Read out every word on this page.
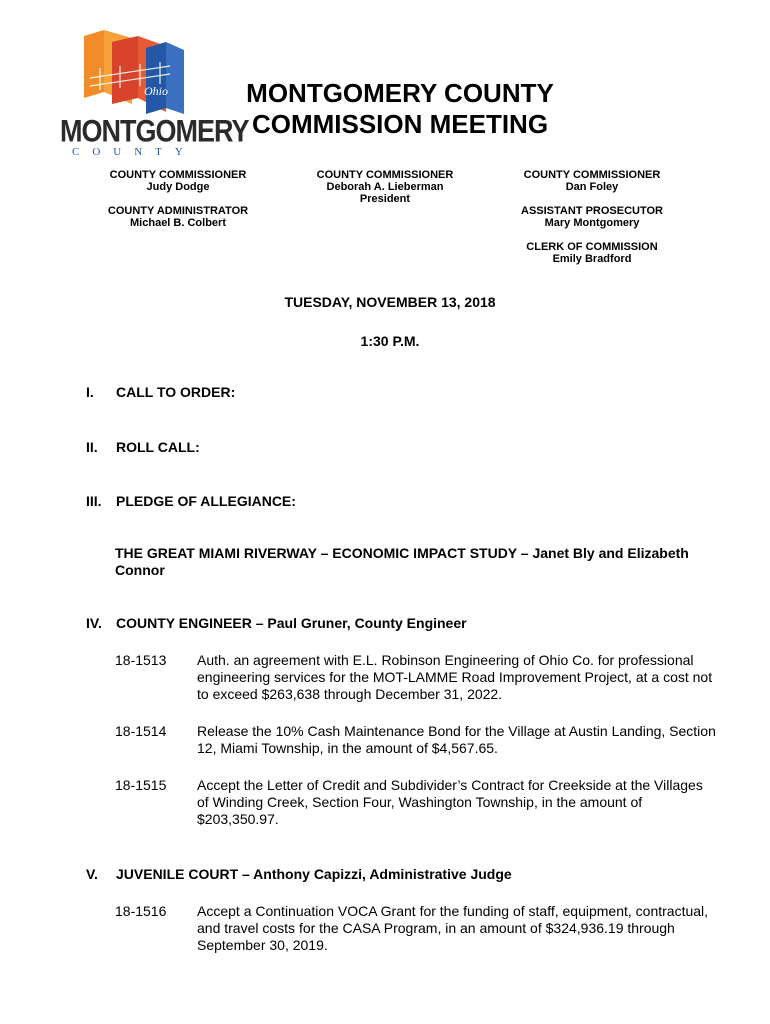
Ohio
MONTGOMERY
COUNTY
MONTGOMERY COUNTY
COMMISSION MEETING
COUNTY COMMISSIONER
Judy Dodge
COUNTY ADMINISTRATOR
Michael B. Colbert
COUNTY COMMISSIONER
Deborah A. Lieberman
President
COUNTY COMMISSIONER
Dan Foley
ASSISTANT PROSECUTOR
Mary Montgomery
CLERK OF COMMISSION
Emily Bradford
TUESDAY, NOVEMBER 13, 2018
1:30 P.M.
I. CALL TO ORDER:
II. ROLL CALL:
III. PLEDGE OF ALLEGIANCE:
THE GREAT MIAMI RIVERWAY – ECONOMIC IMPACT STUDY – Janet Bly and Elizabeth Connor
IV. COUNTY ENGINEER – Paul Gruner, County Engineer
18-1513 Auth. an agreement with E.L. Robinson Engineering of Ohio Co. for professional engineering services for the MOT-LAMME Road Improvement Project, at a cost not to exceed $263,638 through December 31, 2022.
18-1514 Release the 10% Cash Maintenance Bond for the Village at Austin Landing, Section 12, Miami Township, in the amount of $4,567.65.
18-1515 Accept the Letter of Credit and Subdivider’s Contract for Creekside at the Villages of Winding Creek, Section Four, Washington Township, in the amount of $203,350.97.
V. JUVENILE COURT – Anthony Capizzi, Administrative Judge
18-1516 Accept a Continuation VOCA Grant for the funding of staff, equipment, contractual, and travel costs for the CASA Program, in an amount of $324,936.19 through September 30, 2019.
